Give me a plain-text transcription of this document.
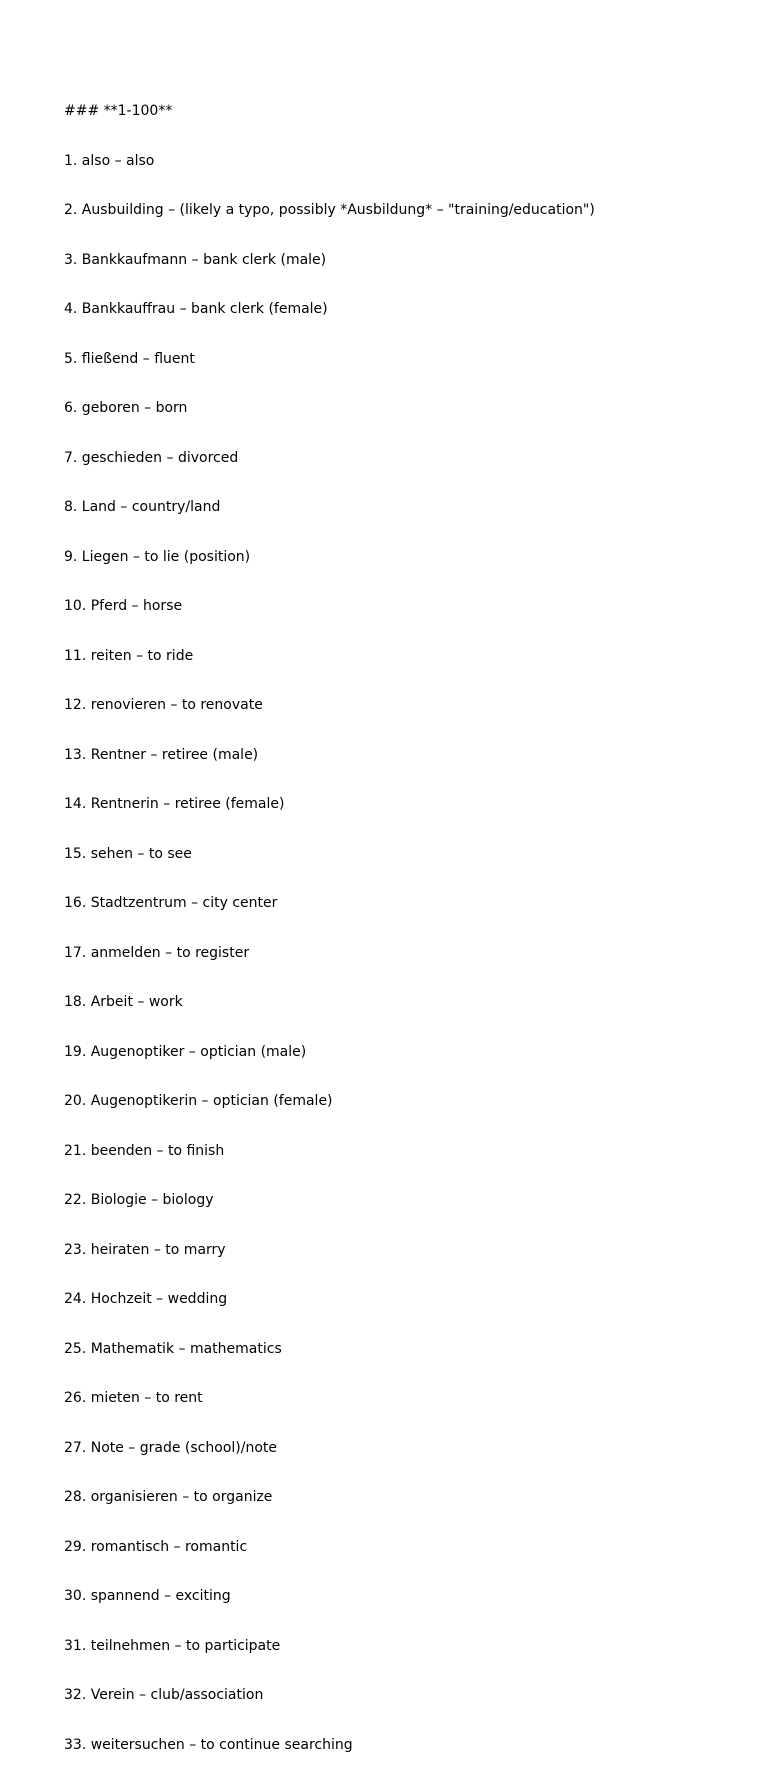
### **1-100**

1. also – also

2. Ausbuilding – (likely a typo, possibly *Ausbildung* – "training/education")

3. Bankkaufmann – bank clerk (male)

4. Bankkauffrau – bank clerk (female)

5. fließend – fluent

6. geboren – born

7. geschieden – divorced

8. Land – country/land

9. Liegen – to lie (position)

10. Pferd – horse

11. reiten – to ride

12. renovieren – to renovate

13. Rentner – retiree (male)

14. Rentnerin – retiree (female)

15. sehen – to see

16. Stadtzentrum – city center

17. anmelden – to register

18. Arbeit – work

19. Augenoptiker – optician (male)

20. Augenoptikerin – optician (female)

21. beenden – to finish

22. Biologie – biology

23. heiraten – to marry

24. Hochzeit – wedding

25. Mathematik – mathematics

26. mieten – to rent

27. Note – grade (school)/note

28. organisieren – to organize

29. romantisch – romantic

30. spannend – exciting

31. teilnehmen – to participate

32. Verein – club/association

33. weitersuchen – to continue searching
